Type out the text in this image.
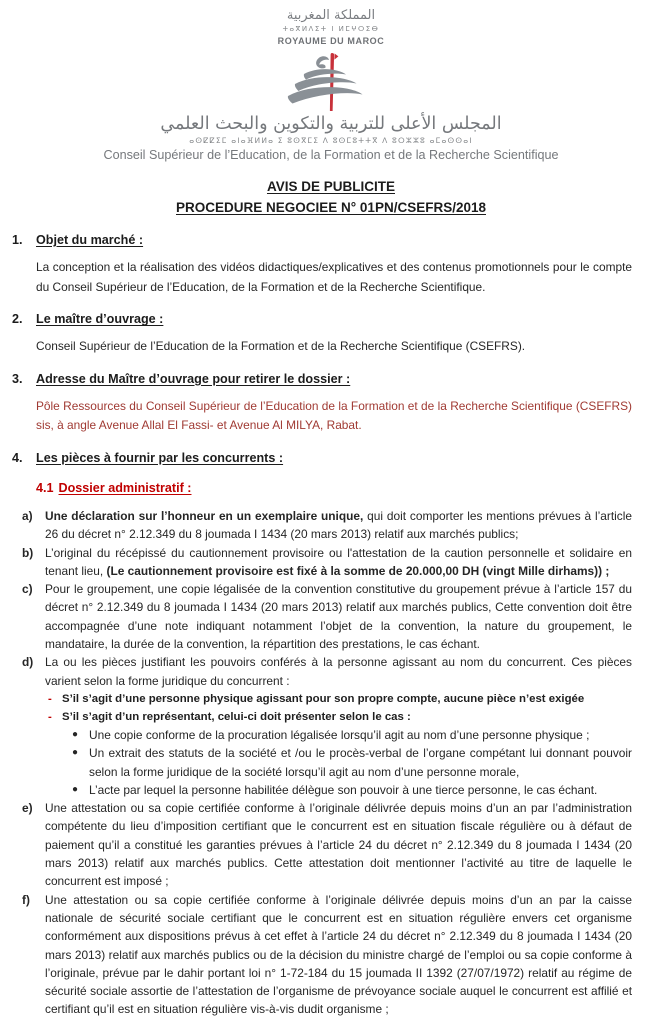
المملكة المغربية
ⵜⴰⴳⵍⴷⵉⵜ ⵏ ⵍⵎⵖⵔⵉⴱ
ROYAUME DU MAROC
المجلس الأعلى للتربية والتكوين والبحث العلمي
ⴰⵙⵇⵇⵉⵎ ⴰⵏⴰⴼⵍⵍⴰ ⵉ ⵓⵙⴳⵎⵉ ⴷ ⵓⵙⵎⵓⵜⵜⴳ ⴷ ⵓⵔⵣⵣⵓ ⴰⵎⴰⵙⵙⴰⵏ
Conseil Supérieur de l’Education, de la Formation et de la Recherche Scientifique
AVIS DE PUBLICITE
PROCEDURE NEGOCIEE N° 01PN/CSEFRS/2018
1.	Objet du marché :
La conception et la réalisation des vidéos didactiques/explicatives et des contenus promotionnels pour le compte du Conseil Supérieur de l’Education, de la Formation et de la Recherche Scientifique.
2.	Le maître d’ouvrage :
Conseil Supérieur de l’Education de la Formation et de la Recherche Scientifique (CSEFRS).
3.	Adresse du Maître d’ouvrage pour retirer le dossier :
Pôle Ressources du Conseil Supérieur de l’Education de la Formation et de la Recherche Scientifique (CSEFRS) sis, à angle Avenue Allal El Fassi- et Avenue Al MILYA, Rabat.
4.	Les pièces à fournir par les concurrents :
4.1 Dossier administratif :
a)	Une déclaration sur l’honneur en un exemplaire unique, qui doit comporter les mentions prévues à l’article 26 du décret n° 2.12.349 du 8 joumada I 1434 (20 mars 2013) relatif aux marchés publics;
b) L’original du récépissé du cautionnement provisoire ou l'attestation de la caution personnelle et solidaire en tenant lieu, (Le cautionnement provisoire est fixé à la somme de 20.000,00 DH (vingt Mille dirhams)) ;
c)	Pour le groupement, une copie légalisée de la convention constitutive du groupement prévue à l’article 157 du décret n° 2.12.349 du 8 joumada I 1434 (20 mars 2013) relatif aux marchés publics, Cette convention doit être accompagnée d’une note indiquant notamment l’objet de la convention, la nature du groupement, le mandataire, la durée de la convention, la répartition des prestations, le cas échant.
d) La ou les pièces justifiant les pouvoirs conférés à la personne agissant au nom du concurrent. Ces pièces varient selon la forme juridique du concurrent :
- S’il s’agit d’une personne physique agissant pour son propre compte, aucune pièce n’est exigée
- S’il s’agit d’un représentant, celui-ci doit présenter selon le cas :
● Une copie conforme de la procuration légalisée lorsqu’il agit au nom d’une personne physique ;
● Un extrait des statuts de la société et /ou le procès-verbal de l’organe compétant lui donnant pouvoir selon la forme juridique de la société lorsqu’il agit au nom d’une personne morale,
● L’acte par lequel la personne habilitée délègue son pouvoir à une tierce personne, le cas échant.
e)	Une attestation ou sa copie certifiée conforme à l’originale délivrée depuis moins d’un an par l’administration compétente du lieu d’imposition certifiant que le concurrent est en situation fiscale régulière ou à défaut de paiement qu’il a constitué les garanties prévues à l’article 24 du décret n° 2.12.349 du 8 joumada I 1434 (20 mars 2013) relatif aux marchés publics. Cette attestation doit mentionner l’activité au titre de laquelle le concurrent est imposé ;
f)	Une attestation ou sa copie certifiée conforme à l’originale délivrée depuis moins d’un an par la caisse nationale de sécurité sociale certifiant que le concurrent est en situation régulière envers cet organisme conformément aux dispositions prévus à cet effet à l’article 24 du décret n° 2.12.349 du 8 joumada I 1434 (20 mars 2013) relatif aux marchés publics ou de la décision du ministre chargé de l’emploi ou sa copie conforme à l’originale, prévue par le dahir portant loi n° 1-72-184 du 15 joumada II 1392 (27/07/1972) relatif au régime de sécurité sociale assortie de l’attestation de l’organisme de prévoyance sociale auquel le concurrent est affilié et certifiant qu’il est en situation régulière vis-à-vis dudit organisme ;
